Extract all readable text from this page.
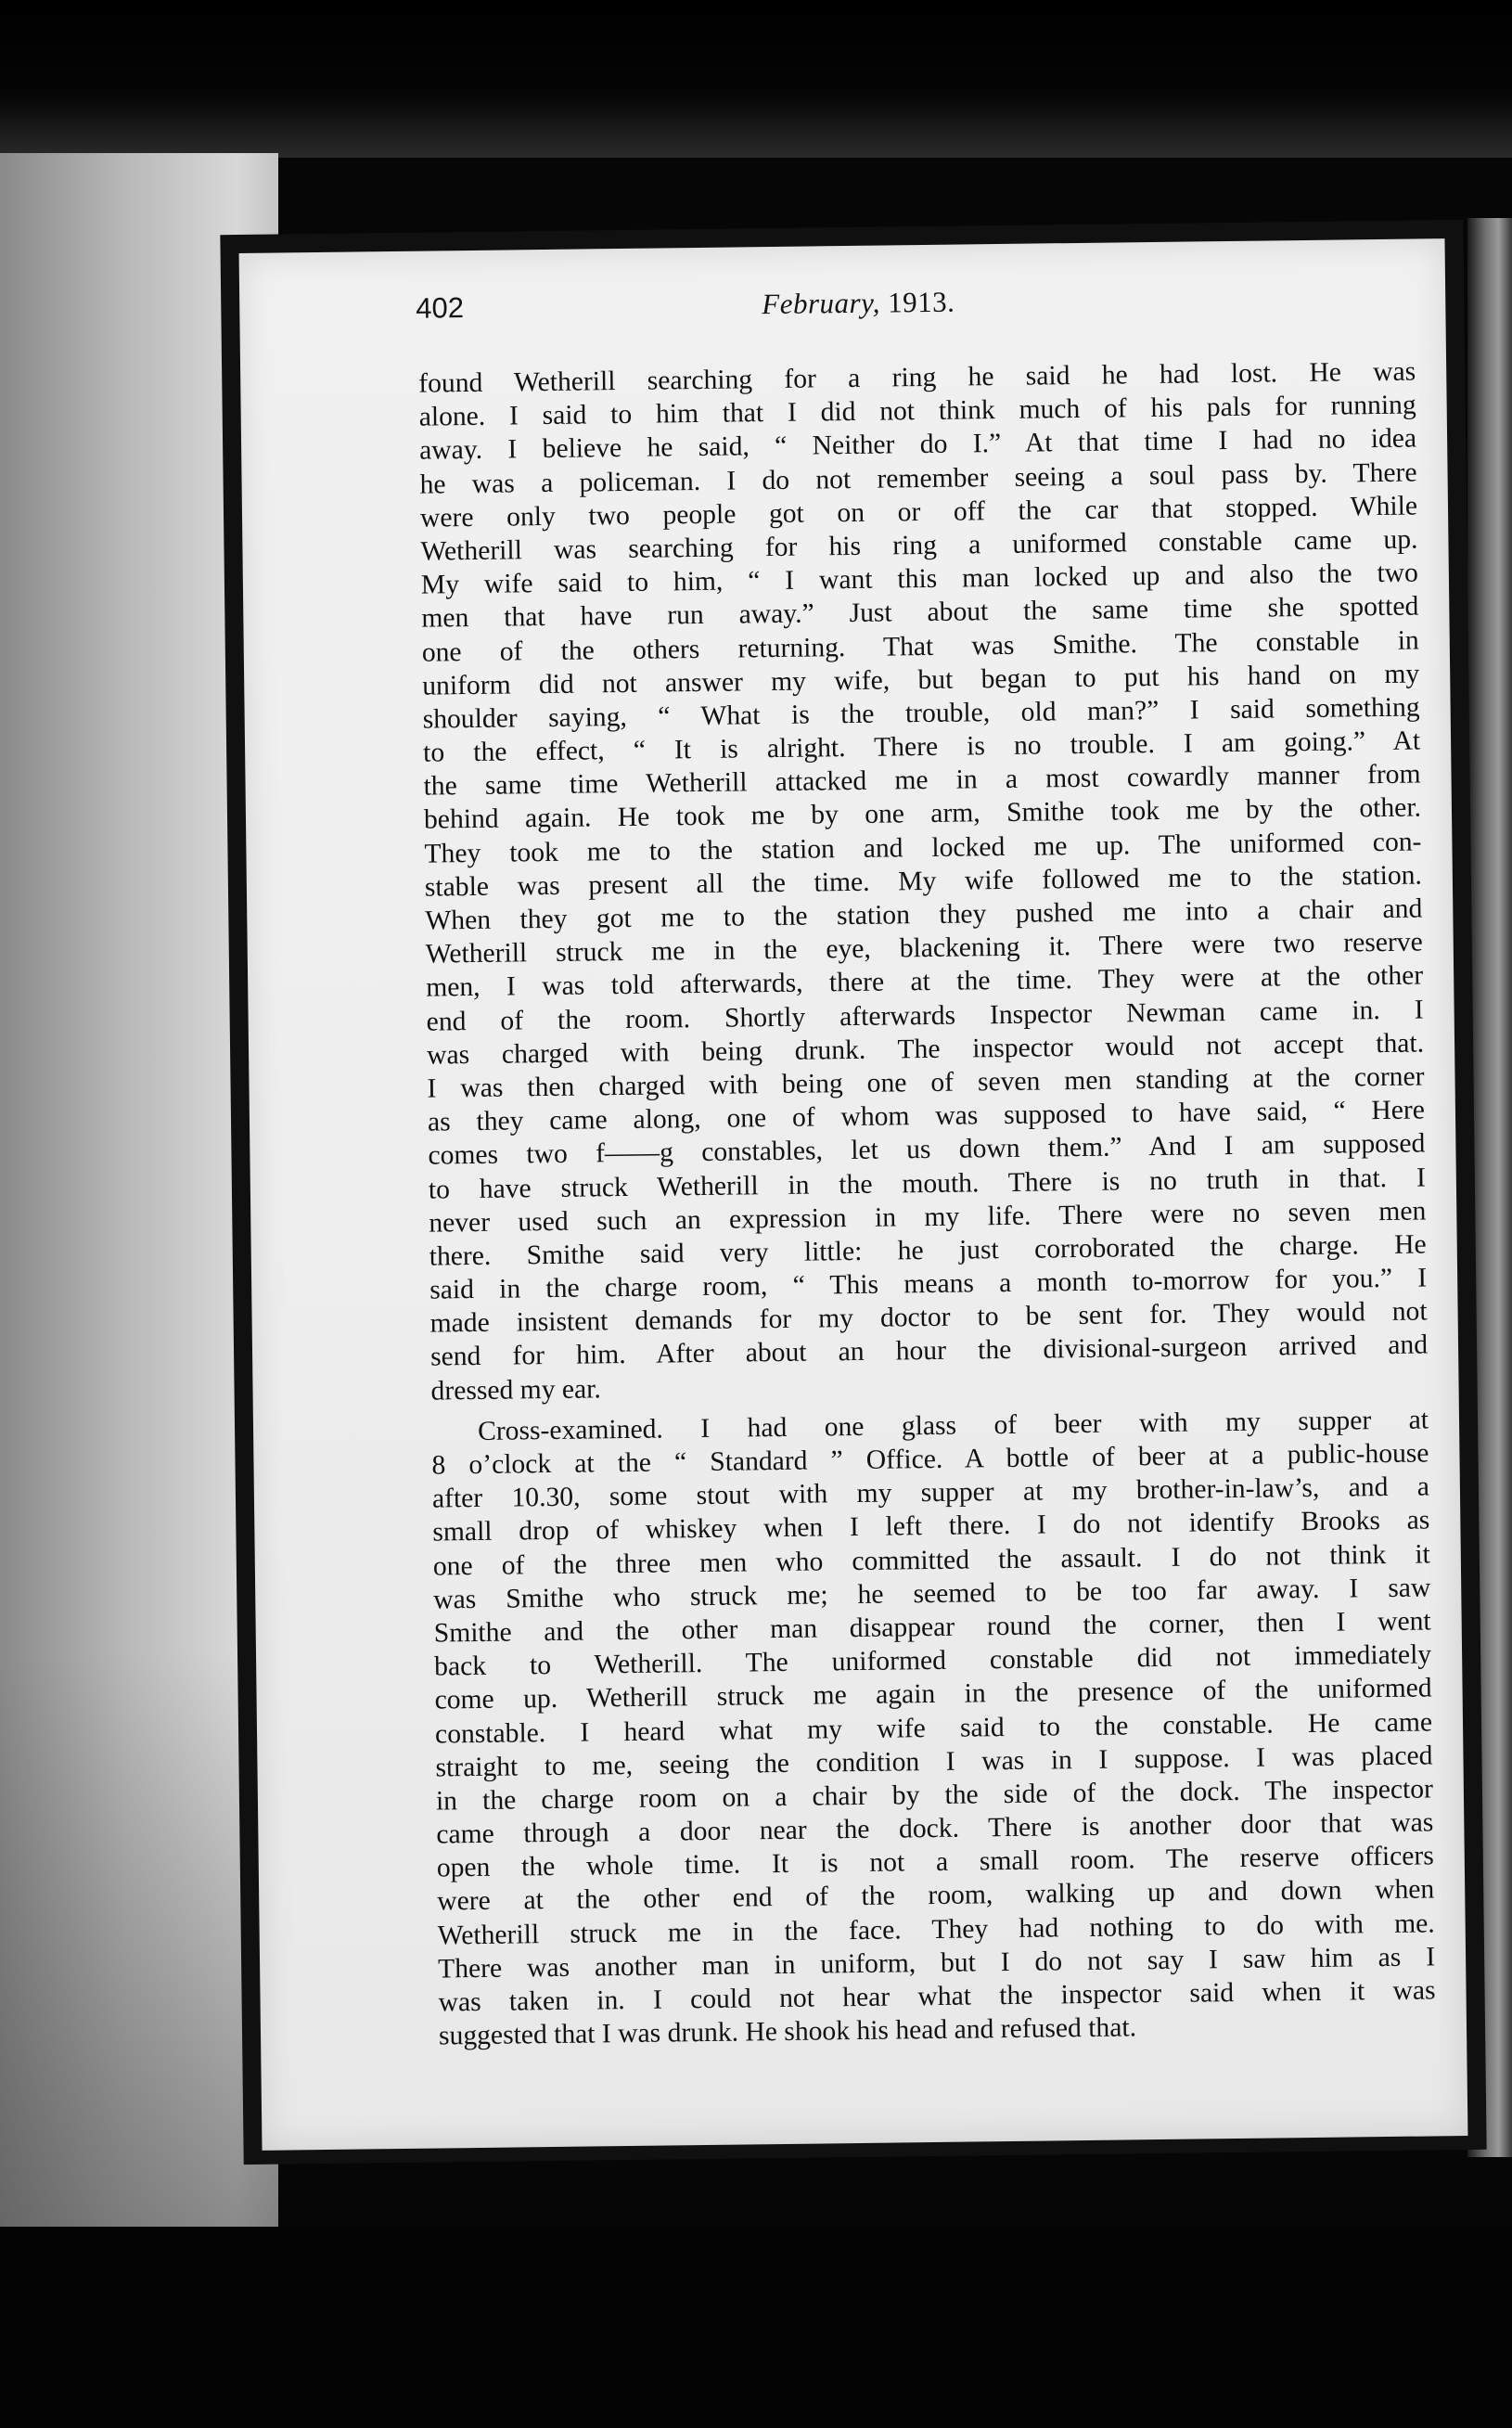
402	February, 1913.
found Wetherill searching for a ring he said he had lost. He was
alone. I said to him that I did not think much of his pals for running
away. I believe he said, “ Neither do I.” At that time I had no idea
he was a policeman. I do not remember seeing a soul pass by. There
were only two people got on or off the car that stopped. While
Wetherill was searching for his ring a uniformed constable came up.
My wife said to him, “ I want this man locked up and also the two
men that have run away.” Just about the same time she spotted
one of the others returning. That was Smithe. The constable in
uniform did not answer my wife, but began to put his hand on my
shoulder saying, “ What is the trouble, old man?” I said something
to the effect, “ It is alright. There is no trouble. I am going.” At
the same time Wetherill attacked me in a most cowardly manner from
behind again. He took me by one arm, Smithe took me by the other.
They took me to the station and locked me up. The uniformed con-
stable was present all the time. My wife followed me to the station.
When they got me to the station they pushed me into a chair and
Wetherill struck me in the eye, blackening it. There were two reserve
men, I was told afterwards, there at the time. They were at the other
end of the room. Shortly afterwards Inspector Newman came in. I
was charged with being drunk. The inspector would not accept that.
I was then charged with being one of seven men standing at the corner
as they came along, one of whom was supposed to have said, “ Here
comes two f——g constables, let us down them.” And I am supposed
to have struck Wetherill in the mouth. There is no truth in that. I
never used such an expression in my life. There were no seven men
there. Smithe said very little: he just corroborated the charge. He
said in the charge room, “ This means a month to-morrow for you.” I
made insistent demands for my doctor to be sent for. They would not
send for him. After about an hour the divisional-surgeon arrived and
dressed my ear.
Cross-examined. I had one glass of beer with my supper at
8 o’clock at the “ Standard ” Office. A bottle of beer at a public-house
after 10.30, some stout with my supper at my brother-in-law’s, and a
small drop of whiskey when I left there. I do not identify Brooks as
one of the three men who committed the assault. I do not think it
was Smithe who struck me; he seemed to be too far away. I saw
Smithe and the other man disappear round the corner, then I went
back to Wetherill. The uniformed constable did not immediately
come up. Wetherill struck me again in the presence of the uniformed
constable. I heard what my wife said to the constable. He came
straight to me, seeing the condition I was in I suppose. I was placed
in the charge room on a chair by the side of the dock. The inspector
came through a door near the dock. There is another door that was
open the whole time. It is not a small room. The reserve officers
were at the other end of the room, walking up and down when
Wetherill struck me in the face. They had nothing to do with me.
There was another man in uniform, but I do not say I saw him as I
was taken in. I could not hear what the inspector said when it was
suggested that I was drunk. He shook his head and refused that.
